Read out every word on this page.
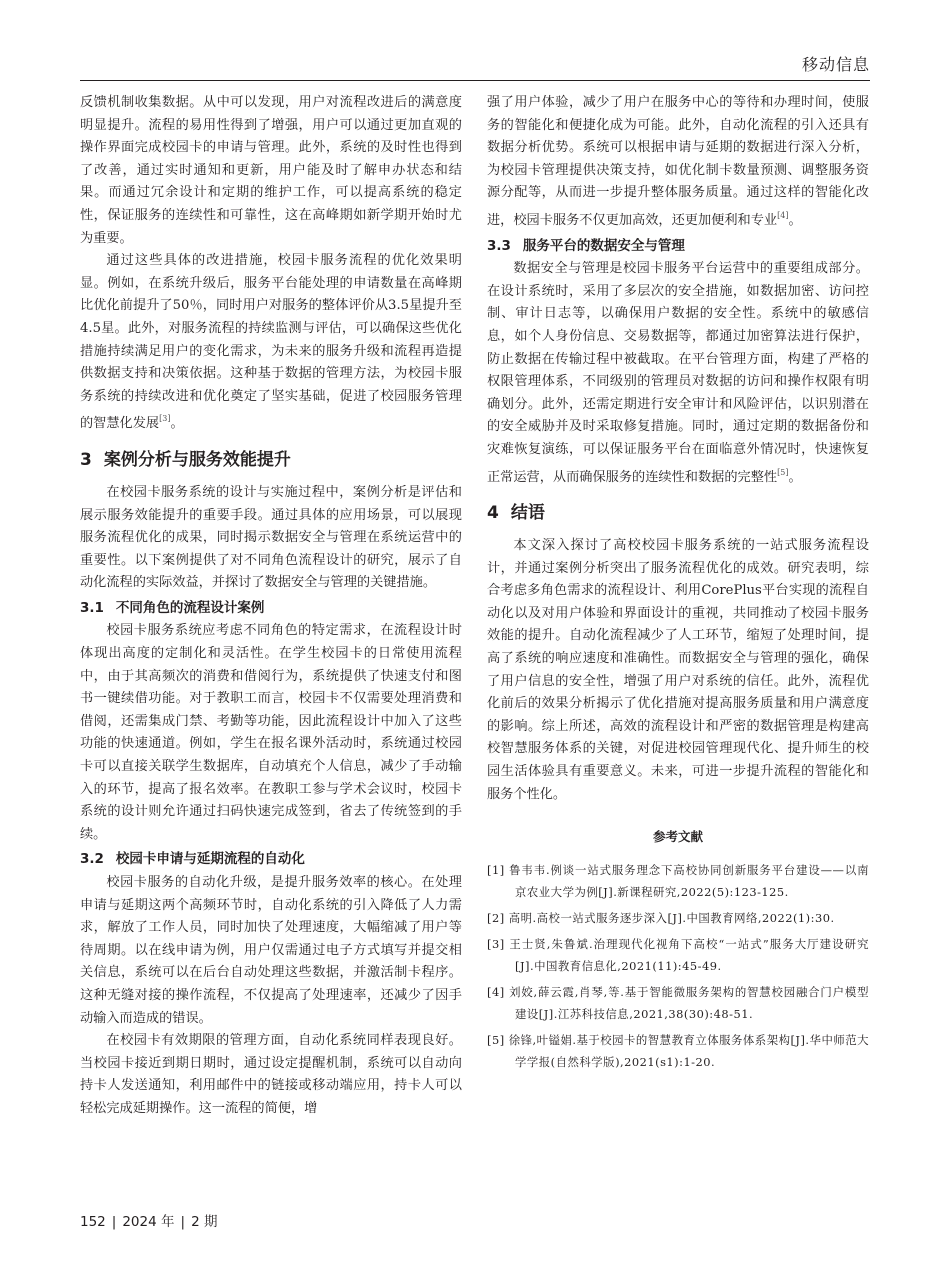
移动信息

反馈机制收集数据。从中可以发现，用户对流程改进后的满意度明显提升。流程的易用性得到了增强，用户可以通过更加直观的操作界面完成校园卡的申请与管理。此外，系统的及时性也得到了改善，通过实时通知和更新，用户能及时了解申办状态和结果。而通过冗余设计和定期的维护工作，可以提高系统的稳定性，保证服务的连续性和可靠性，这在高峰期如新学期开始时尤为重要。

通过这些具体的改进措施，校园卡服务流程的优化效果明显。例如，在系统升级后，服务平台能处理的申请数量在高峰期比优化前提升了50％，同时用户对服务的整体评价从3.5星提升至4.5星。此外，对服务流程的持续监测与评估，可以确保这些优化措施持续满足用户的变化需求，为未来的服务升级和流程再造提供数据支持和决策依据。这种基于数据的管理方法，为校园卡服务系统的持续改进和优化奠定了坚实基础，促进了校园服务管理的智慧化发展[3]。

3 案例分析与服务效能提升

在校园卡服务系统的设计与实施过程中，案例分析是评估和展示服务效能提升的重要手段。通过具体的应用场景，可以展现服务流程优化的成果，同时揭示数据安全与管理在系统运营中的重要性。以下案例提供了对不同角色流程设计的研究，展示了自动化流程的实际效益，并探讨了数据安全与管理的关键措施。

3.1 不同角色的流程设计案例

校园卡服务系统应考虑不同角色的特定需求，在流程设计时体现出高度的定制化和灵活性。在学生校园卡的日常使用流程中，由于其高频次的消费和借阅行为，系统提供了快速支付和图书一键续借功能。对于教职工而言，校园卡不仅需要处理消费和借阅，还需集成门禁、考勤等功能，因此流程设计中加入了这些功能的快速通道。例如，学生在报名课外活动时，系统通过校园卡可以直接关联学生数据库，自动填充个人信息，减少了手动输入的环节，提高了报名效率。在教职工参与学术会议时，校园卡系统的设计则允许通过扫码快速完成签到，省去了传统签到的手续。

3.2 校园卡申请与延期流程的自动化

校园卡服务的自动化升级，是提升服务效率的核心。在处理申请与延期这两个高频环节时，自动化系统的引入降低了人力需求，解放了工作人员，同时加快了处理速度，大幅缩减了用户等待周期。以在线申请为例，用户仅需通过电子方式填写并提交相关信息，系统可以在后台自动处理这些数据，并激活制卡程序。这种无缝对接的操作流程，不仅提高了处理速率，还减少了因手动输入而造成的错误。

在校园卡有效期限的管理方面，自动化系统同样表现良好。当校园卡接近到期日期时，通过设定提醒机制，系统可以自动向持卡人发送通知，利用邮件中的链接或移动端应用，持卡人可以轻松完成延期操作。这一流程的简便，增

强了用户体验，减少了用户在服务中心的等待和办理时间，使服务的智能化和便捷化成为可能。此外，自动化流程的引入还具有数据分析优势。系统可以根据申请与延期的数据进行深入分析，为校园卡管理提供决策支持，如优化制卡数量预测、调整服务资源分配等，从而进一步提升整体服务质量。通过这样的智能化改进，校园卡服务不仅更加高效，还更加便利和专业[4]。

3.3 服务平台的数据安全与管理

数据安全与管理是校园卡服务平台运营中的重要组成部分。在设计系统时，采用了多层次的安全措施，如数据加密、访问控制、审计日志等，以确保用户数据的安全性。系统中的敏感信息，如个人身份信息、交易数据等，都通过加密算法进行保护，防止数据在传输过程中被截取。在平台管理方面，构建了严格的权限管理体系，不同级别的管理员对数据的访问和操作权限有明确划分。此外，还需定期进行安全审计和风险评估，以识别潜在的安全威胁并及时采取修复措施。同时，通过定期的数据备份和灾难恢复演练，可以保证服务平台在面临意外情况时，快速恢复正常运营，从而确保服务的连续性和数据的完整性[5]。

4 结语

本文深入探讨了高校校园卡服务系统的一站式服务流程设计，并通过案例分析突出了服务流程优化的成效。研究表明，综合考虑多角色需求的流程设计、利用CorePlus平台实现的流程自动化以及对用户体验和界面设计的重视，共同推动了校园卡服务效能的提升。自动化流程减少了人工环节，缩短了处理时间，提高了系统的响应速度和准确性。而数据安全与管理的强化，确保了用户信息的安全性，增强了用户对系统的信任。此外，流程优化前后的效果分析揭示了优化措施对提高服务质量和用户满意度的影响。综上所述，高效的流程设计和严密的数据管理是构建高校智慧服务体系的关键，对促进校园管理现代化、提升师生的校园生活体验具有重要意义。未来，可进一步提升流程的智能化和服务个性化。

参考文献
[1] 鲁韦韦.例谈一站式服务理念下高校协同创新服务平台建设——以南京农业大学为例[J].新课程研究,2022(5):123-125.
[2] 高明.高校一站式服务逐步深入[J].中国教育网络,2022(1):30.
[3] 王士贤,朱鲁斌.治理现代化视角下高校“一站式”服务大厅建设研究[J].中国教育信息化,2021(11):45-49.
[4] 刘姣,薛云霞,肖琴,等.基于智能微服务架构的智慧校园融合门户模型建设[J].江苏科技信息,2021,38(30):48-51.
[5] 徐锋,叶镒娟.基于校园卡的智慧教育立体服务体系架构[J].华中师范大学学报(自然科学版),2021(s1):1-20.
152 | 2024 年 | 2 期
